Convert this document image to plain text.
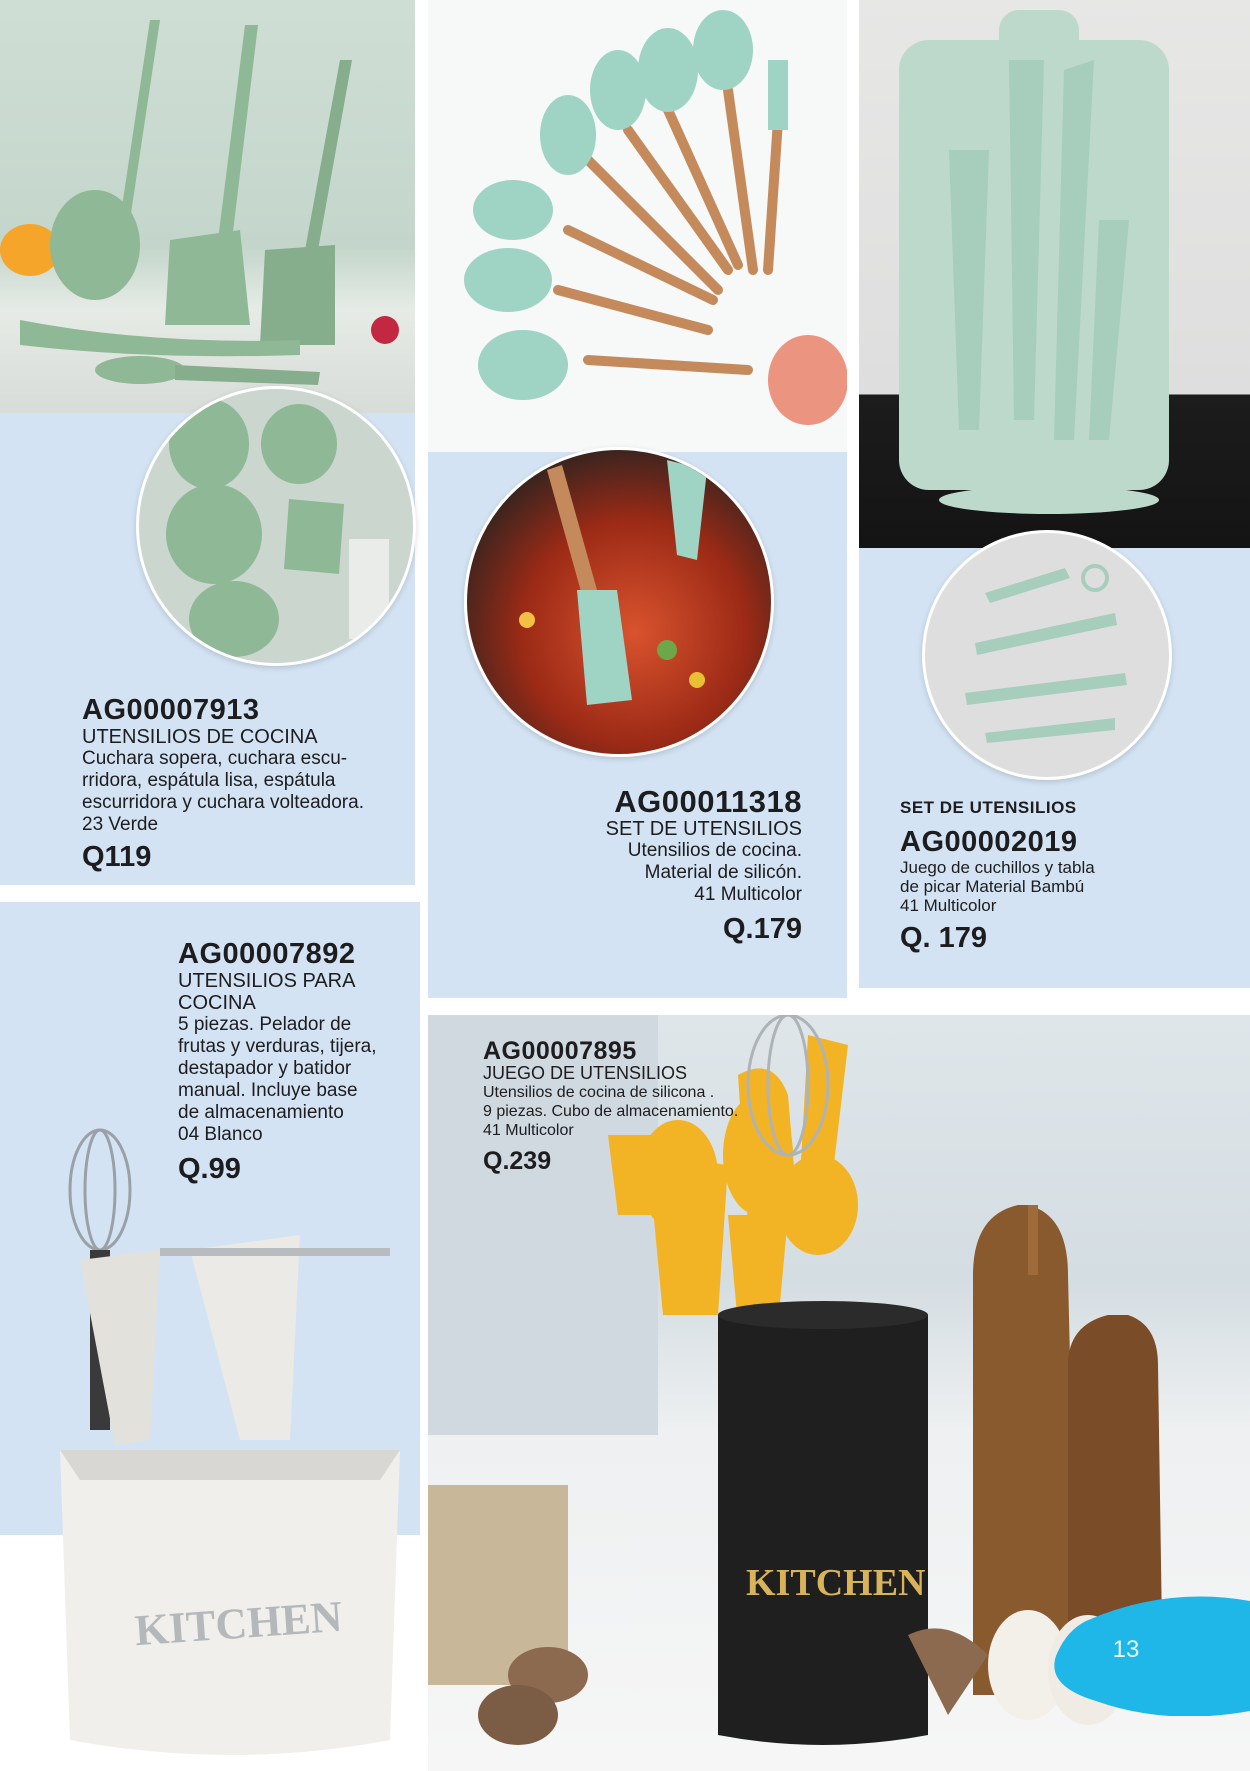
AG00007913
UTENSILIOS DE COCINA

Cuchara sopera, cuchara escu-

rridora, espátula lisa, espátula

escurridora y cuchara volteadora.

23 Verde

Q119
AG00011318
SET DE UTENSILIOS

Utensilios de cocina.

Material de silicón.

41 Multicolor

Q.179
SET DE UTENSILIOS
AG00002019

Juego de cuchillos y tabla

de picar Material Bambú

41 Multicolor

Q. 179
AG00007892
UTENSILIOS PARA
COCINA

5 piezas. Pelador de

frutas y verduras, tijera,

destapador y batidor

manual. Incluye base

de almacenamiento

04 Blanco

Q.99
KITCHEN
KITCHEN
AG00007895
JUEGO DE UTENSILIOS

Utensilios de cocina de silicona .

9 piezas. Cubo de almacenamiento.

41 Multicolor

Q.239
13
